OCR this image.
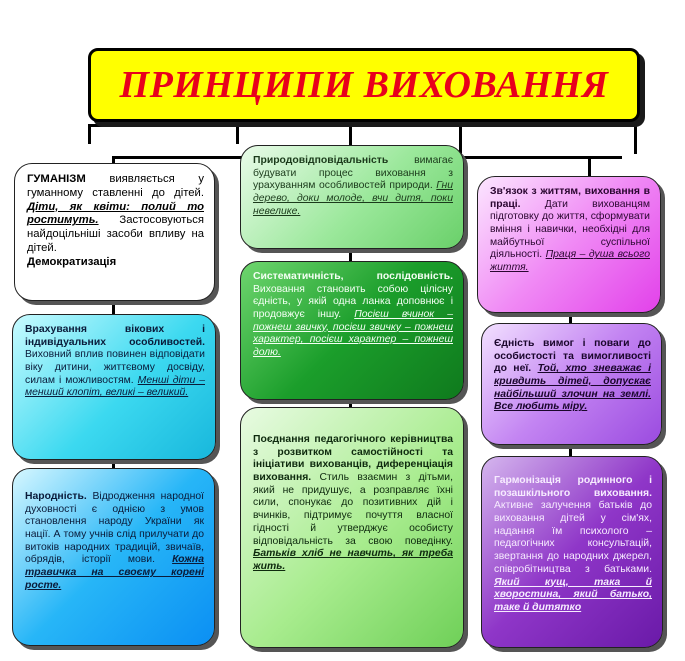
ПРИНЦИПИ ВИХОВАННЯ
ГУМАНІЗМ виявляється у гуманному ставленні до дітей. Діти, як квіти: полий то ростимуть. Застосовуються найдоцільніші засоби впливу на дітей.
Демократизація
Врахування вікових і індивідуальних особливостей. Виховний вплив повинен відповідати віку дитини, життєвому досвіду, силам і можливостям. Менші діти – менший клопіт, великі – великий.
Народність. Відродження народної духовності є однією з умов становлення народу України як нації. А тому учнів слід прилучати до витоків народних традицій, звичаїв, обрядів, історії мови. Кожна травичка на своєму корені росте.
Природовідповідальність вимагає будувати процес виховання з урахуванням особливостей природи. Гни дерево, доки молоде, вчи дитя, поки невелике.
Систематичність, послідовність. Виховання становить собою цілісну єдність, у якій одна ланка доповнює і продовжує іншу. Посієш вчинок – пожнеш звичку, посієш звичку – пожнеш характер, посієш характер – пожнеш долю.
Поєднання педагогічного керівництва з розвитком самостійності та ініціативи вихованців, диференціація виховання. Стиль взаємин з дітьми, який не придушує, а розправляє їхні сили, спонукає до позитивних дій і вчинків, підтримує почуття власної гідності й утверджує особисту відповідальність за свою поведінку. Батьків хліб не навчить, як треба жить.
Зв'язок з життям, виховання в праці. Дати вихованцям підготовку до життя, сформувати вміння і навички, необхідні для майбутньої суспільної діяльності. Праця – душа всього життя.
Єдність вимог і поваги до особистості та вимогливості до неї. Той, хто зневажає і кривдить дітей, допускає найбільший злочин на землі. Все любить міру.
Гармонізація родинного і позашкільного виховання. Активне залучення батьків до виховання дітей у сім'ях, надання їм психолого – педагогічних консультацій, звертання до народних джерел, співробітництва з батьками. Який кущ, така й хворостина, який батько, таке й дитятко
